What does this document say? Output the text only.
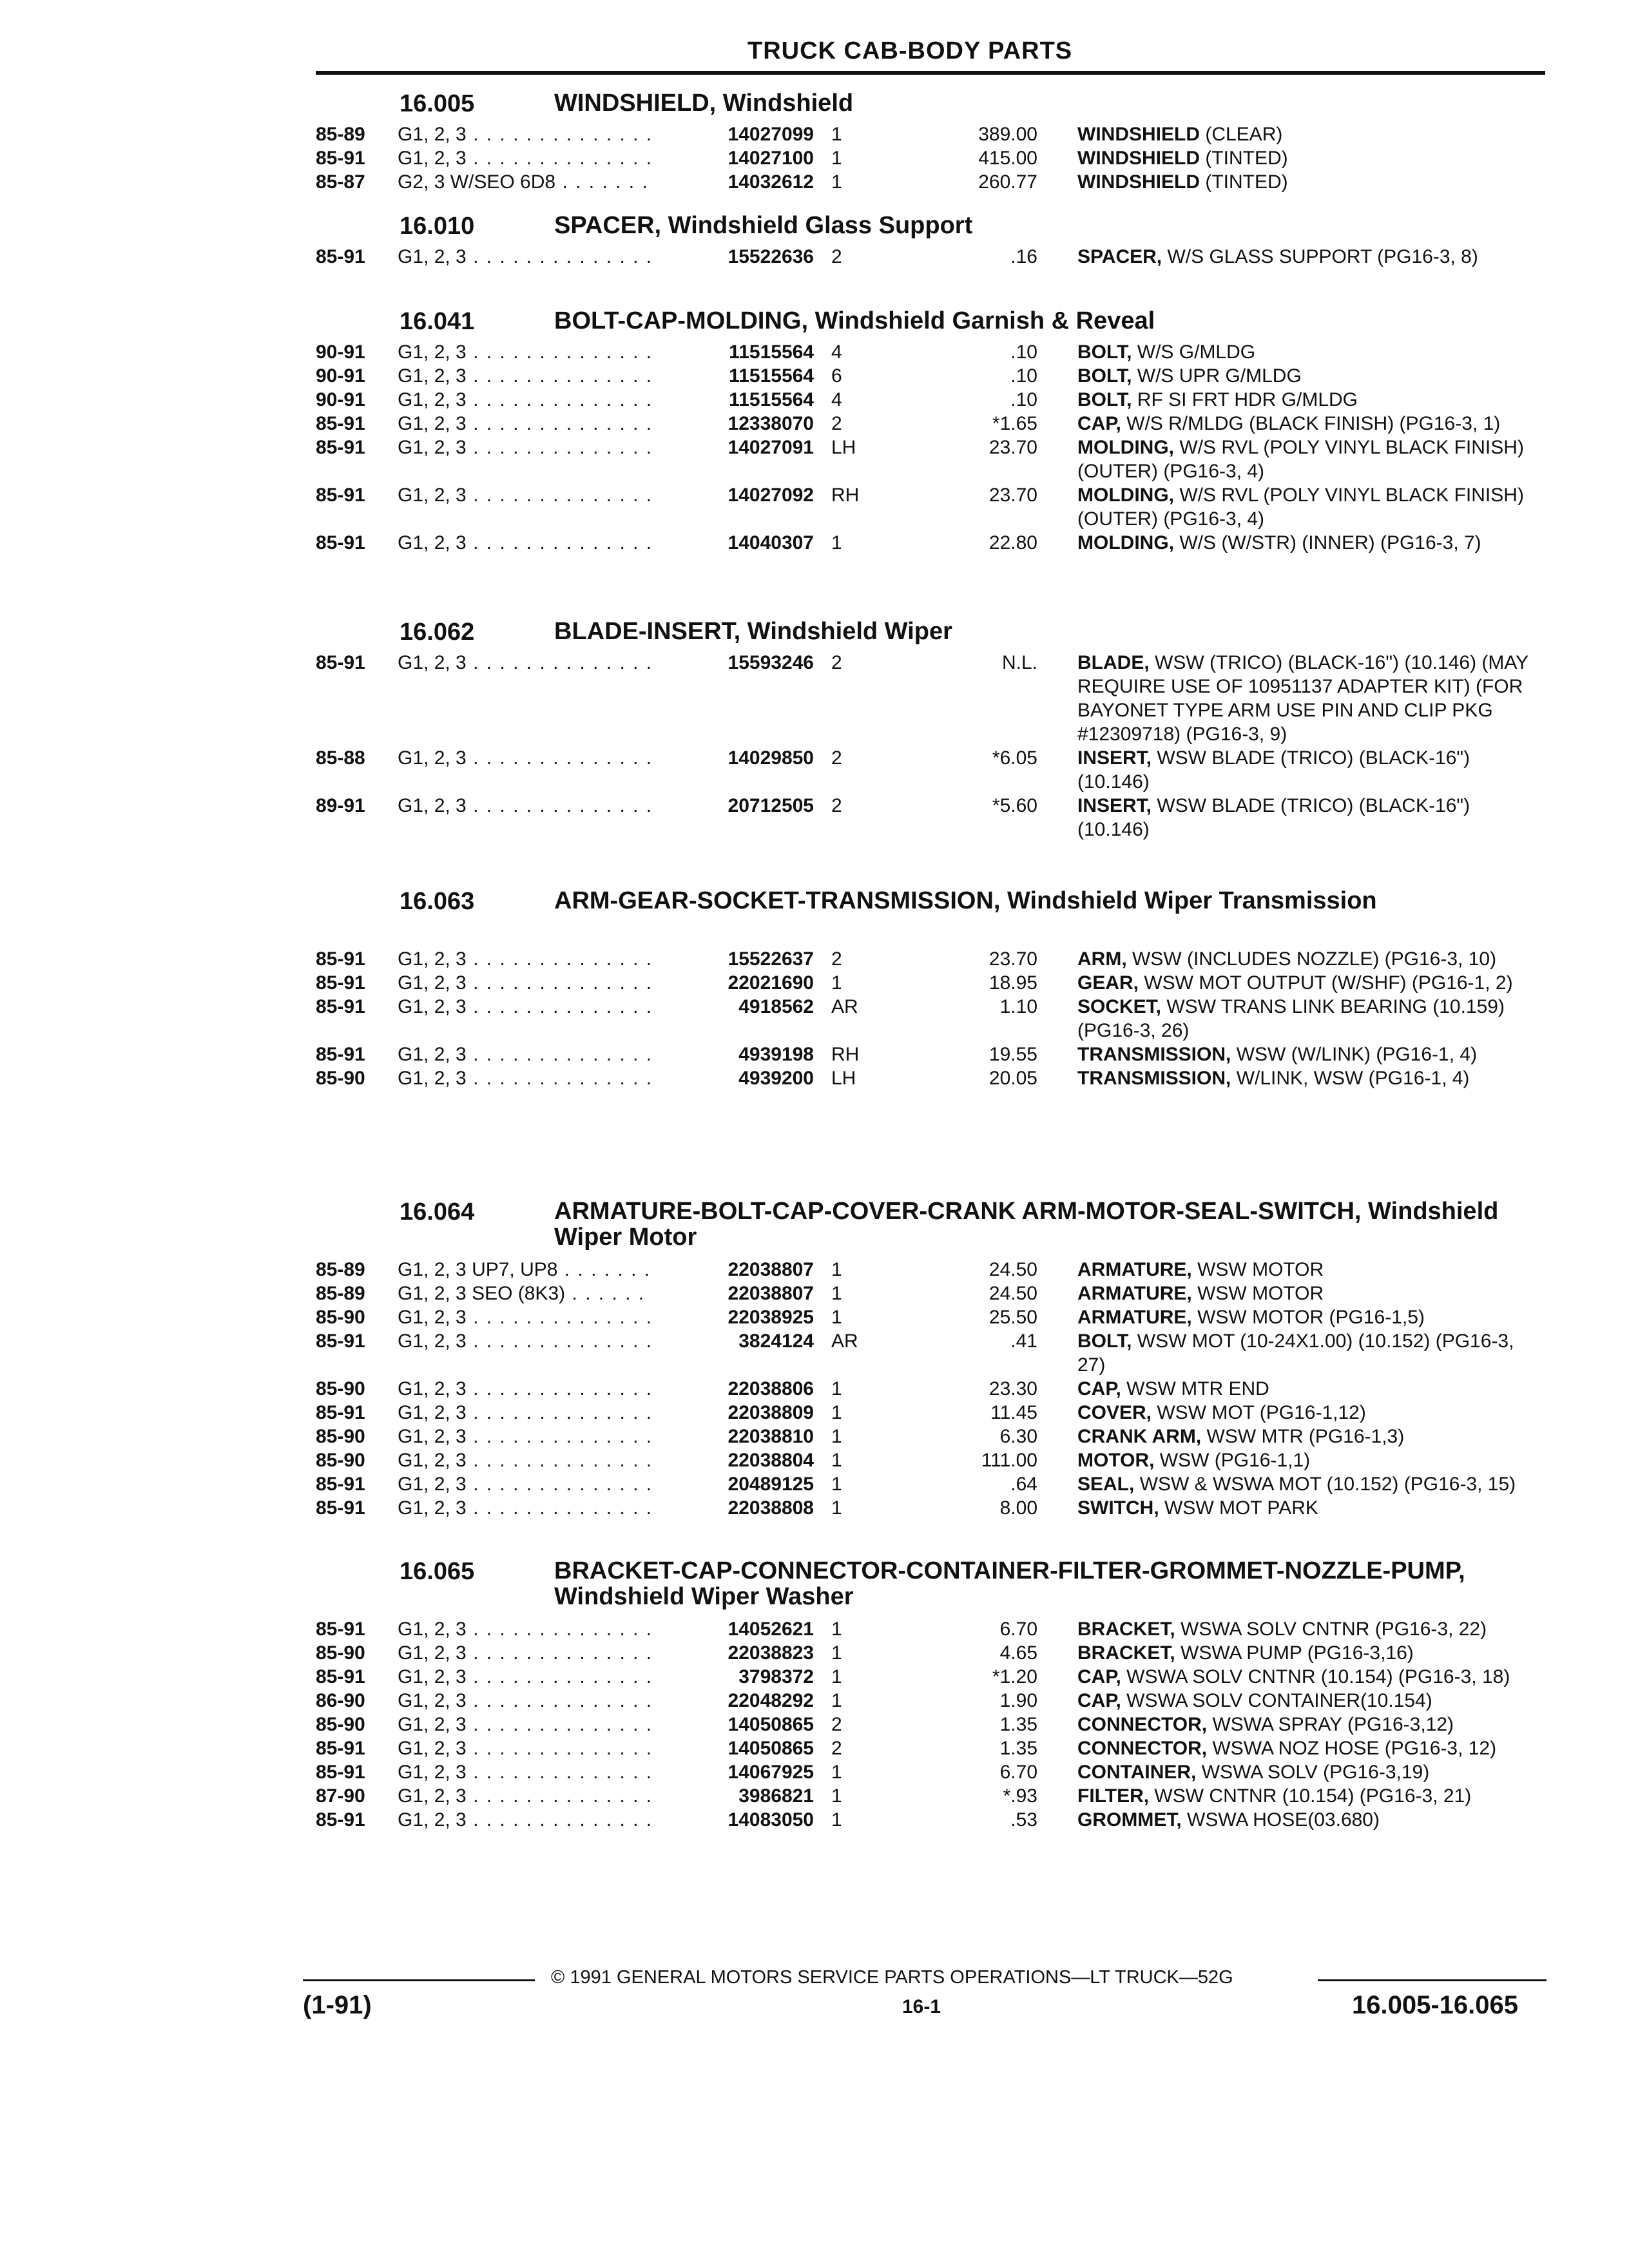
TRUCK CAB-BODY PARTS
16.005	WINDSHIELD, Windshield
85-89	G1, 2, 3 . . .	14027099 1	389.00 WINDSHIELD (CLEAR)
85-91	G1, 2, 3 . . .	14027100 1	415.00 WINDSHIELD (TINTED)
85-87	G2, 3 W/SEO 6D8 . . .	14032612 1	260.77 WINDSHIELD (TINTED)
16.010	SPACER, Windshield Glass Support
85-91	G1, 2, 3 . . .	15522636 2	.16 SPACER, W/S GLASS SUPPORT (PG16-3, 8)
16.041	BOLT-CAP-MOLDING, Windshield Garnish & Reveal
90-91	G1, 2, 3 . . .	11515564 4	.10 BOLT, W/S G/MLDG
90-91	G1, 2, 3 . . .	11515564 6	.10 BOLT, W/S UPR G/MLDG
90-91	G1, 2, 3 . . .	11515564 4	.10 BOLT, RF SI FRT HDR G/MLDG
85-91	G1, 2, 3 . . .	12338070 2	*1.65 CAP, W/S R/MLDG (BLACK FINISH) (PG16-3, 1)
85-91	G1, 2, 3 . . .	14027091 LH	23.70 MOLDING, W/S RVL (POLY VINYL BLACK FINISH) (OUTER) (PG16-3, 4)
85-91	G1, 2, 3 . . .	14027092 RH	23.70 MOLDING, W/S RVL (POLY VINYL BLACK FINISH) (OUTER) (PG16-3, 4)
85-91	G1, 2, 3 . . .	14040307 1	22.80 MOLDING, W/S (W/STR) (INNER) (PG16-3, 7)
16.062	BLADE-INSERT, Windshield Wiper
85-91	G1, 2, 3 . . .	15593246 2	N.L. BLADE, WSW (TRICO) (BLACK-16") (10.146) (MAY REQUIRE USE OF 10951137 ADAPTER KIT) (FOR BAYONET TYPE ARM USE PIN AND CLIP PKG #12309718) (PG16-3, 9)
85-88	G1, 2, 3 . . .	14029850 2	*6.05 INSERT, WSW BLADE (TRICO) (BLACK-16") (10.146)
89-91	G1, 2, 3 . . .	20712505 2	*5.60 INSERT, WSW BLADE (TRICO) (BLACK-16") (10.146)
16.063	ARM-GEAR-SOCKET-TRANSMISSION, Windshield Wiper Transmission
85-91	G1, 2, 3 . . .	15522637 2	23.70 ARM, WSW (INCLUDES NOZZLE) (PG16-3, 10)
85-91	G1, 2, 3 . . .	22021690 1	18.95 GEAR, WSW MOT OUTPUT (W/SHF) (PG16-1, 2)
85-91	G1, 2, 3 . . .	4918562 AR	1.10 SOCKET, WSW TRANS LINK BEARING (10.159) (PG16-3, 26)
85-91	G1, 2, 3 . . .	4939198 RH	19.55 TRANSMISSION, WSW (W/LINK) (PG16-1, 4)
85-90	G1, 2, 3 . . .	4939200 LH	20.05 TRANSMISSION, W/LINK, WSW (PG16-1, 4)
16.064	ARMATURE-BOLT-CAP-COVER-CRANK ARM-MOTOR-SEAL-SWITCH, Windshield Wiper Motor
85-89	G1, 2, 3 UP7, UP8 . . .	22038807 1	24.50 ARMATURE, WSW MOTOR
85-89	G1, 2, 3 SEO (8K3) . . .	22038807 1	24.50 ARMATURE, WSW MOTOR
85-90	G1, 2, 3 . . .	22038925 1	25.50 ARMATURE, WSW MOTOR (PG16-1,5)
85-91	G1, 2, 3 . . .	3824124 AR	.41 BOLT, WSW MOT (10-24X1.00) (10.152) (PG16-3, 27)
85-90	G1, 2, 3 . . .	22038806 1	23.30 CAP, WSW MTR END
85-91	G1, 2, 3 . . .	22038809 1	11.45 COVER, WSW MOT (PG16-1,12)
85-90	G1, 2, 3 . . .	22038810 1	6.30 CRANK ARM, WSW MTR (PG16-1,3)
85-90	G1, 2, 3 . . .	22038804 1	111.00 MOTOR, WSW (PG16-1,1)
85-91	G1, 2, 3 . . .	20489125 1	.64 SEAL, WSW & WSWA MOT (10.152) (PG16-3, 15)
85-91	G1, 2, 3 . . .	22038808 1	8.00 SWITCH, WSW MOT PARK
16.065	BRACKET-CAP-CONNECTOR-CONTAINER-FILTER-GROMMET-NOZZLE-PUMP, Windshield Wiper Washer
85-91	G1, 2, 3 . . .	14052621 1	6.70 BRACKET, WSWA SOLV CNTNR (PG16-3, 22)
85-90	G1, 2, 3 . . .	22038823 1	4.65 BRACKET, WSWA PUMP (PG16-3,16)
85-91	G1, 2, 3 . . .	3798372 1	*1.20 CAP, WSWA SOLV CNTNR (10.154) (PG16-3, 18)
86-90	G1, 2, 3 . . .	22048292 1	1.90 CAP, WSWA SOLV CONTAINER(10.154)
85-90	G1, 2, 3 . . .	14050865 2	1.35 CONNECTOR, WSWA SPRAY (PG16-3,12)
85-91	G1, 2, 3 . . .	14050865 2	1.35 CONNECTOR, WSWA NOZ HOSE (PG16-3, 12)
85-91	G1, 2, 3 . . .	14067925 1	6.70 CONTAINER, WSWA SOLV (PG16-3,19)
87-90	G1, 2, 3 . . .	3986821 1	*.93 FILTER, WSW CNTNR (10.154) (PG16-3, 21)
85-91	G1, 2, 3 . . .	14083050 1	.53 GROMMET, WSWA HOSE(03.680)
© 1991 GENERAL MOTORS SERVICE PARTS OPERATIONS—LT TRUCK—52G
(1-91)	16-1	16.005-16.065
